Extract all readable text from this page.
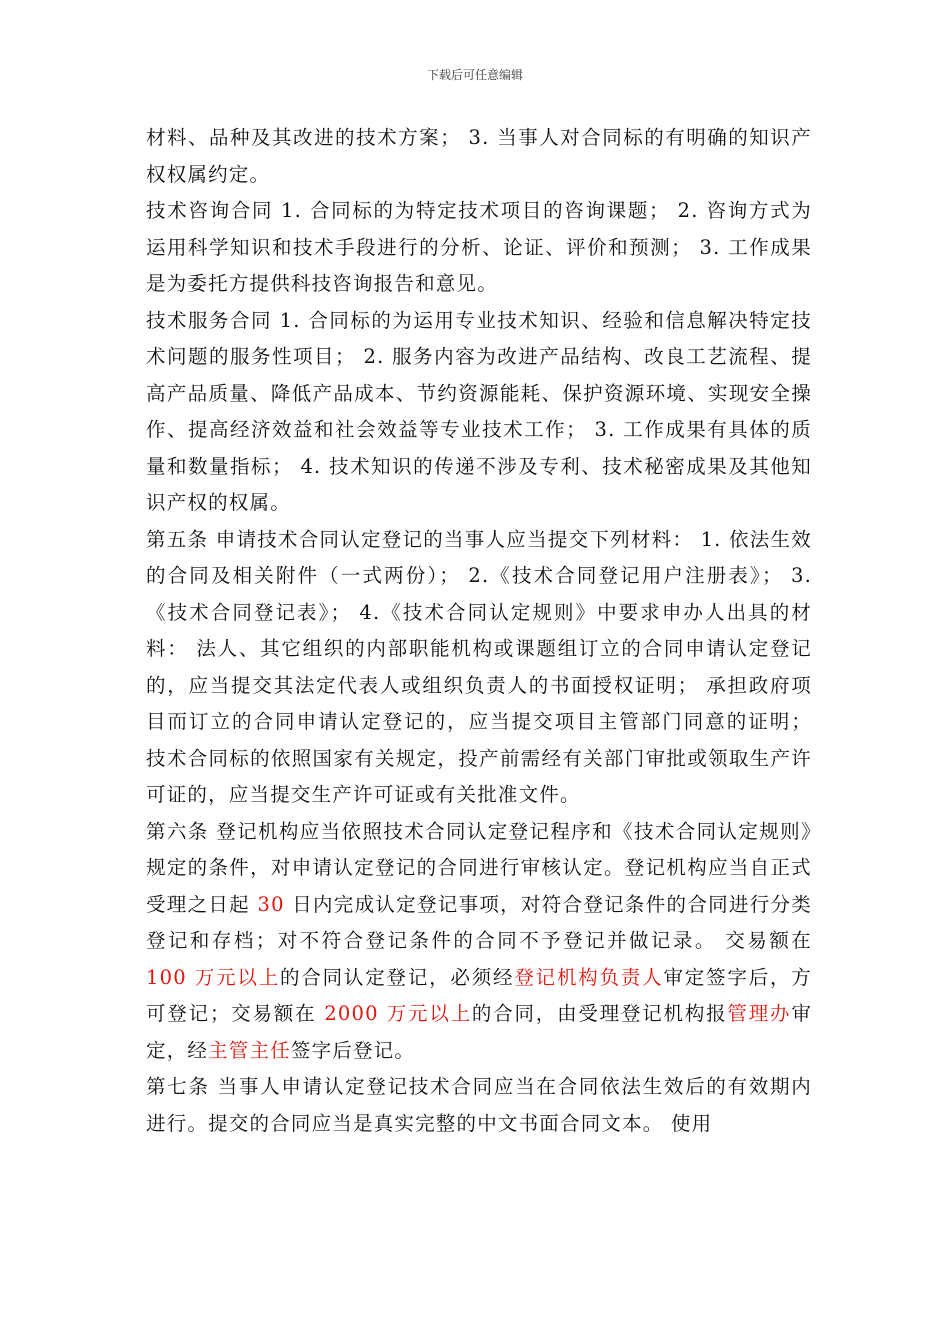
下载后可任意编辑

材料、品种及其改进的技术方案； 3. 当事人对合同标的有明确的知识产权权属约定。

技术咨询合同 1. 合同标的为特定技术项目的咨询课题； 2. 咨询方式为运用科学知识和技术手段进行的分析、论证、评价和预测； 3. 工作成果是为委托方提供科技咨询报告和意见。

技术服务合同 1. 合同标的为运用专业技术知识、经验和信息解决特定技术问题的服务性项目； 2. 服务内容为改进产品结构、改良工艺流程、提高产品质量、降低产品成本、节约资源能耗、保护资源环境、实现安全操作、提高经济效益和社会效益等专业技术工作； 3. 工作成果有具体的质量和数量指标； 4. 技术知识的传递不涉及专利、技术秘密成果及其他知识产权的权属。

第五条 申请技术合同认定登记的当事人应当提交下列材料： 1. 依法生效的合同及相关附件（一式两份）； 2.《技术合同登记用户注册表》； 3.《技术合同登记表》； 4.《技术合同认定规则》中要求申办人出具的材料： 法人、其它组织的内部职能机构或课题组订立的合同申请认定登记的，应当提交其法定代表人或组织负责人的书面授权证明； 承担政府项目而订立的合同申请认定登记的，应当提交项目主管部门同意的证明； 技术合同标的依照国家有关规定，投产前需经有关部门审批或领取生产许可证的，应当提交生产许可证或有关批准文件。

第六条 登记机构应当依照技术合同认定登记程序和《技术合同认定规则》规定的条件，对申请认定登记的合同进行审核认定。登记机构应当自正式受理之日起 30 日内完成认定登记事项，对符合登记条件的合同进行分类登记和存档；对不符合登记条件的合同不予登记并做记录。 交易额在 100 万元以上的合同认定登记，必须经登记机构负责人审定签字后，方可登记；交易额在 2000 万元以上的合同，由受理登记机构报管理办审定，经主管主任签字后登记。

第七条 当事人申请认定登记技术合同应当在合同依法生效后的有效期内进行。提交的合同应当是真实完整的中文书面合同文本。 使用
